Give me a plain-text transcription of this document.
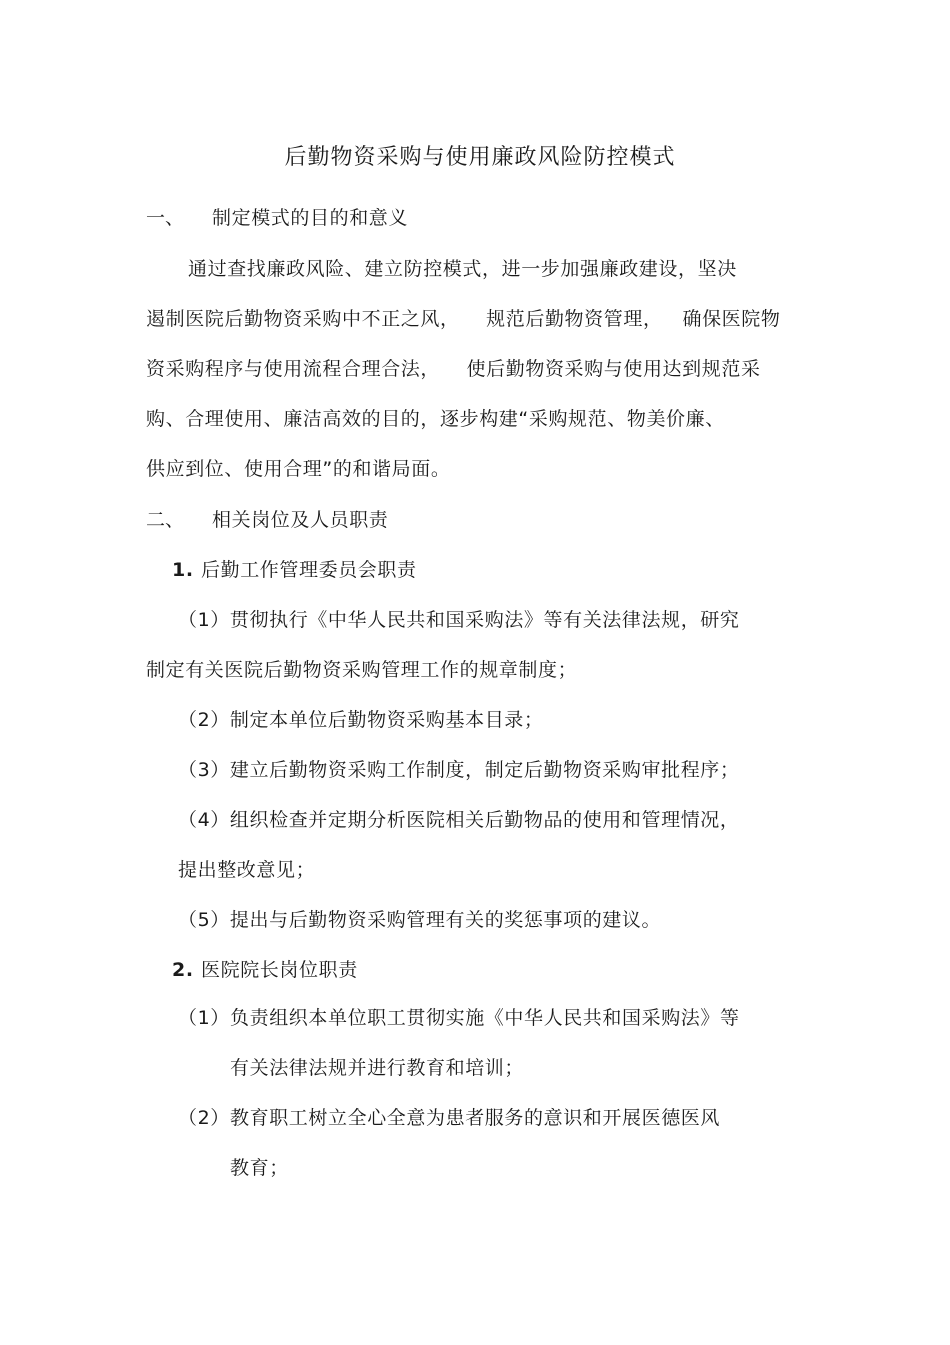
后勤物资采购与使用廉政风险防控模式
一、 制定模式的目的和意义
通过查找廉政风险、建立防控模式，进一步加强廉政建设，坚决
遏制医院后勤物资采购中不正之风，    规范后勤物资管理，   确保医院物
资采购程序与使用流程合理合法，    使后勤物资采购与使用达到规范采
购、合理使用、廉洁高效的目的，逐步构建“采购规范、物美价廉、
供应到位、使用合理”的和谐局面。
二、 相关岗位及人员职责
1. 后勤工作管理委员会职责
（1）贯彻执行《中华人民共和国采购法》等有关法律法规，研究
制定有关医院后勤物资采购管理工作的规章制度；
（2）制定本单位后勤物资采购基本目录；
（3）建立后勤物资采购工作制度，制定后勤物资采购审批程序；
（4）组织检查并定期分析医院相关后勤物品的使用和管理情况，
提出整改意见；
（5）提出与后勤物资采购管理有关的奖惩事项的建议。
2. 医院院长岗位职责
（1） 负责组织本单位职工贯彻实施《中华人民共和国采购法》等
有关法律法规并进行教育和培训；
（2） 教育职工树立全心全意为患者服务的意识和开展医德医风
教育；
